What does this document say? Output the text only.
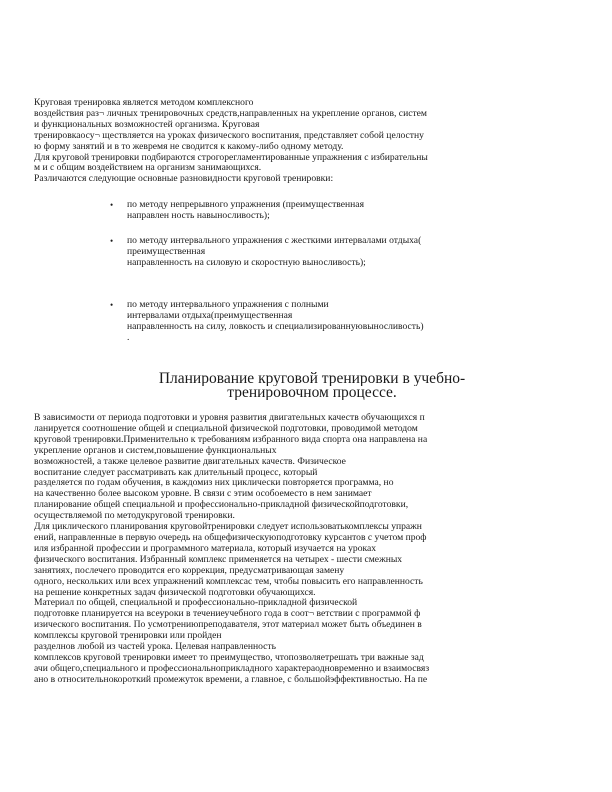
Круговая тренировка является методом комплексного
воздействия раз¬ личных тренировочных средств,направленных на укрепление органов, систем
и функциональных возможностей организма. Круговая
тренировкаосу¬ ществляется на уроках физического воспитания, представляет собой целостну
ю форму занятий и в то жевремя не сводится к какому-либо одному методу.
Для круговой тренировки подбираются строгорегламентированные упражнения с избирательны
м и с общим воздействием на организм занимающихся.
Различаются следующие основные разновидности круговой тренировки:
• по методу непрерывного упражнения (преимущественная
направлен ность навыносливость);
• по методу интервального упражнения с жесткими интервалами отдыха(
преимущественная
направленность на силовую и скоростную выносливость);
• по методу интервального упражнения с полными
интервалами отдыха(преимущественная
направленность на силу, ловкость и специализированнуювыносливость)
.
Планирование круговой тренировки в учебно-
тренировочном процессе.
В зависимости от периода подготовки и уровня развития двигательных качеств обучающихся п
ланируется соотношение общей и специальной физической подготовки, проводимой методом
круговой тренировки.Применительно к требованиям избранного вида спорта она направлена на
укрепление органов и систем,повышение функциональных
возможностей, а также целевое развитие двигательных качеств. Физическое
воспитание следует рассматривать как длительный процесс, который
разделяется по годам обучения, в каждомиз них циклически повторяется программа, но
на качественно более высоком уровне. В связи с этим особоеместо в нем занимает
планирование общей специальной и профессионально-прикладной физическойподготовки,
осуществляемой по методукруговой тренировки.
Для циклического планирования круговойтренировки следует использоватькомплексы упражн
ений, направленные в первую очередь на общефизическуюподготовку курсантов с учетом проф
иля избранной профессии и программного материала, который изучается на уроках
физического воспитания. Избранный комплекс применяется на четырех - шести смежных
занятиях, послечего проводится его коррекция, предусматривающая замену
одного, нескольких или всех упражнений комплексас тем, чтобы повысить его направленность
на решение конкретных задач физической подготовки обучающихся.
Материал по общей, специальной и профессионально-прикладной физической
подготовке планируется на всеуроки в течениеучебного года в соот¬ ветствии с программой ф
изического воспитания. По усмотрениюпреподавателя, этот материал может быть объединен в
комплексы круговой тренировки или пройден
разделнов любой из частей урока. Целевая направленность
комплексов круговой тренировки имеет то преимущество, чтопозволяетрешать три важные зад
ачи общего,специального и профессиональноприкладного характераодновременно и взаимосвяз
ано в относительнокороткий промежуток времени, а главное, с большойэффективностью. На пе
